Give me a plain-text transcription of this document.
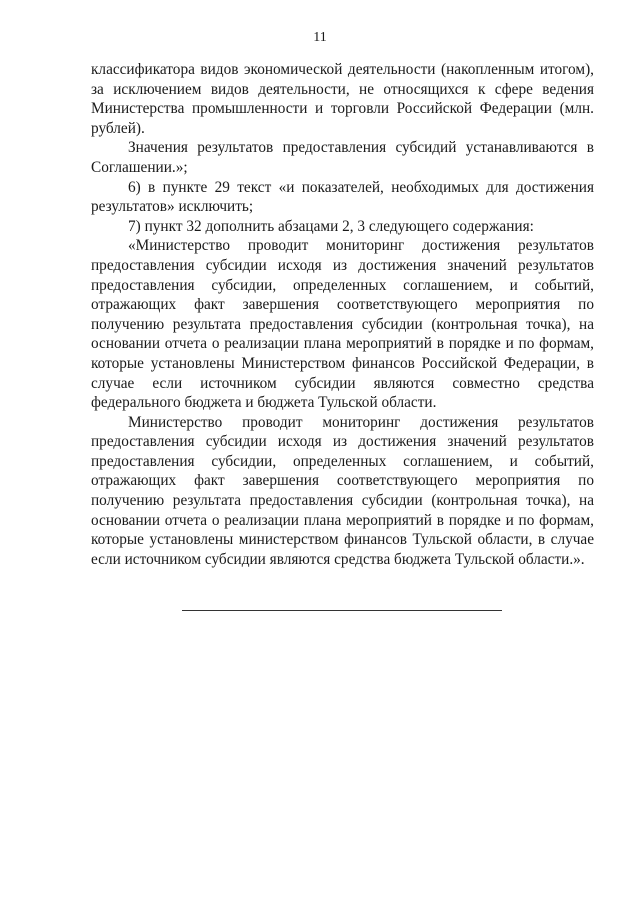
11

классификатора видов экономической деятельности (накопленным итогом), за исключением видов деятельности, не относящихся к сфере ведения Министерства промышленности и торговли Российской Федерации (млн. рублей).

Значения результатов предоставления субсидий устанавливаются в Соглашении.»;

6) в пункте 29 текст «и показателей, необходимых для достижения результатов» исключить;

7) пункт 32 дополнить абзацами 2, 3 следующего содержания:

«Министерство проводит мониторинг достижения результатов предоставления субсидии исходя из достижения значений результатов предоставления субсидии, определенных соглашением, и событий, отражающих факт завершения соответствующего мероприятия по получению результата предоставления субсидии (контрольная точка), на основании отчета о реализации плана мероприятий в порядке и по формам, которые установлены Министерством финансов Российской Федерации, в случае если источником субсидии являются совместно средства федерального бюджета и бюджета Тульской области.

Министерство проводит мониторинг достижения результатов предоставления субсидии исходя из достижения значений результатов предоставления субсидии, определенных соглашением, и событий, отражающих факт завершения соответствующего мероприятия по получению результата предоставления субсидии (контрольная точка), на основании отчета о реализации плана мероприятий в порядке и по формам, которые установлены министерством финансов Тульской области, в случае если источником субсидии являются средства бюджета Тульской области.».
